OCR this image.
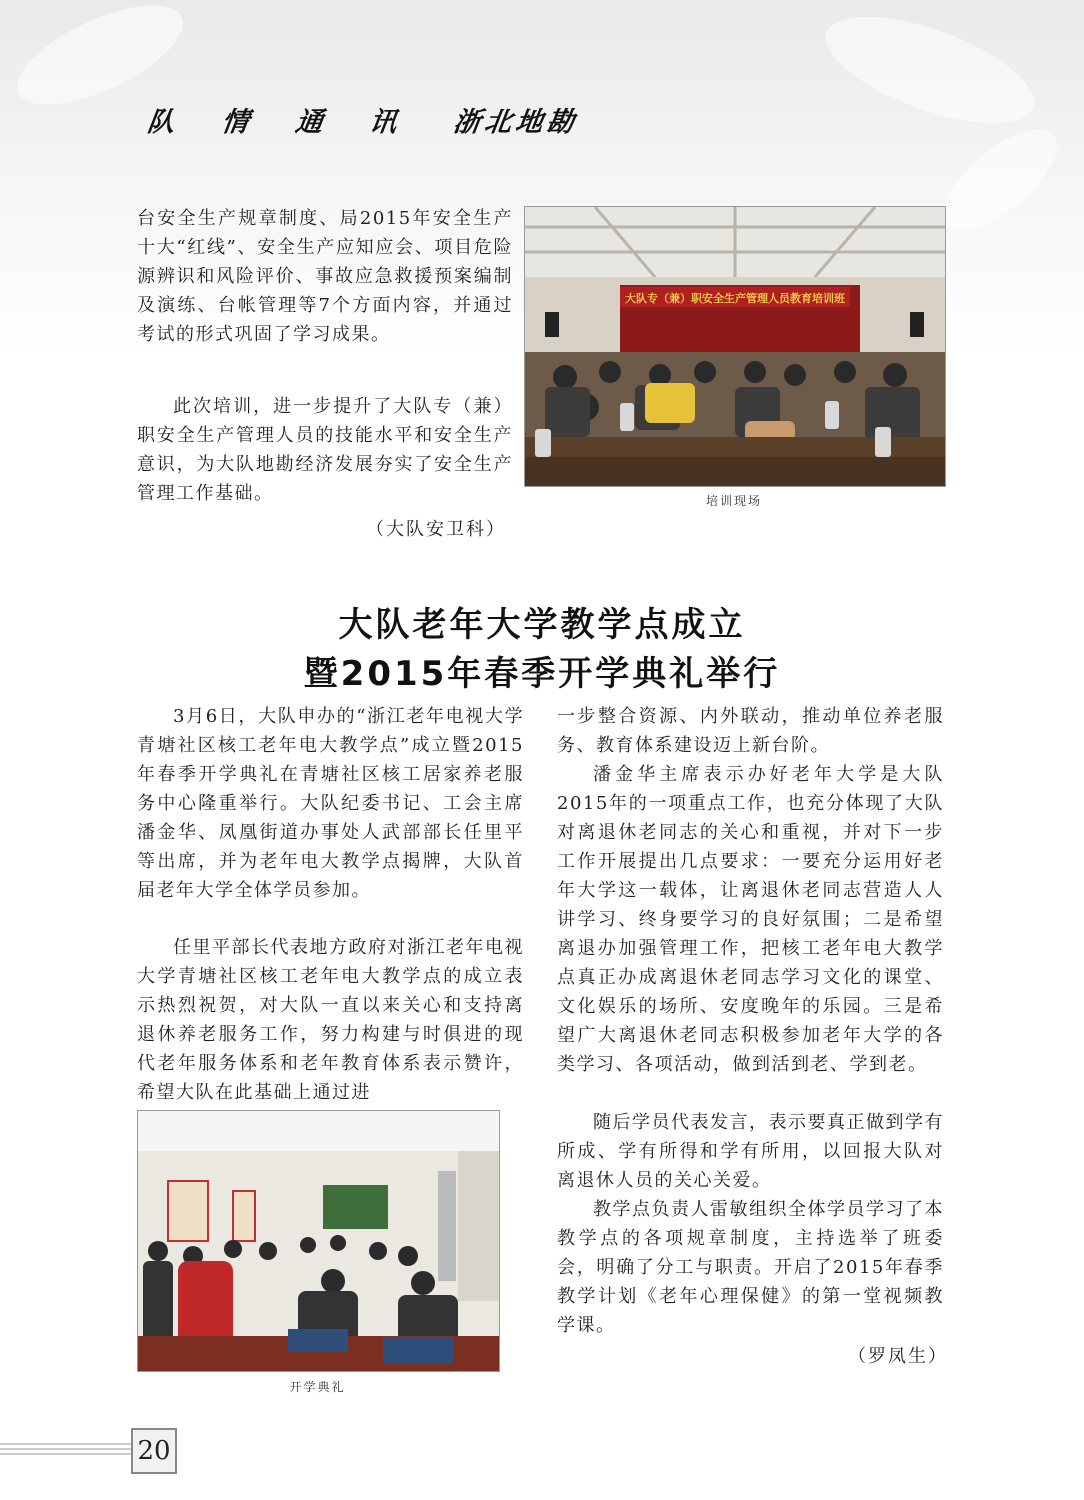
队 情 通 讯 浙北地勘

台安全生产规章制度、局2015年安全生产十大“红线”、安全生产应知应会、项目危险源辨识和风险评价、事故应急救援预案编制及演练、台帐管理等7个方面内容，并通过考试的形式巩固了学习成果。

此次培训，进一步提升了大队专（兼）职安全生产管理人员的技能水平和安全生产意识，为大队地勘经济发展夯实了安全生产管理工作基础。

（大队安卫科）

大队专（兼）职安全生产管理人员教育培训班
培训现场

大队老年大学教学点成立

暨2015年春季开学典礼举行

3月6日，大队申办的“浙江老年电视大学青塘社区核工老年电大教学点”成立暨2015年春季开学典礼在青塘社区核工居家养老服务中心隆重举行。大队纪委书记、工会主席潘金华、凤凰街道办事处人武部部长任里平等出席，并为老年电大教学点揭牌，大队首届老年大学全体学员参加。

任里平部长代表地方政府对浙江老年电视大学青塘社区核工老年电大教学点的成立表示热烈祝贺，对大队一直以来关心和支持离退休养老服务工作，努力构建与时俱进的现代老年服务体系和老年教育体系表示赞许，希望大队在此基础上通过进

开学典礼

一步整合资源、内外联动，推动单位养老服务、教育体系建设迈上新台阶。

潘金华主席表示办好老年大学是大队2015年的一项重点工作，也充分体现了大队对离退休老同志的关心和重视，并对下一步工作开展提出几点要求：一要充分运用好老年大学这一载体，让离退休老同志营造人人讲学习、终身要学习的良好氛围；二是希望离退办加强管理工作，把核工老年电大教学点真正办成离退休老同志学习文化的课堂、文化娱乐的场所、安度晚年的乐园。三是希望广大离退休老同志积极参加老年大学的各类学习、各项活动，做到活到老、学到老。

随后学员代表发言，表示要真正做到学有所成、学有所得和学有所用，以回报大队对离退休人员的关心关爱。

教学点负责人雷敏组织全体学员学习了本教学点的各项规章制度，主持选举了班委会，明确了分工与职责。开启了2015年春季教学计划《老年心理保健》的第一堂视频教学课。

（罗凤生）

20
